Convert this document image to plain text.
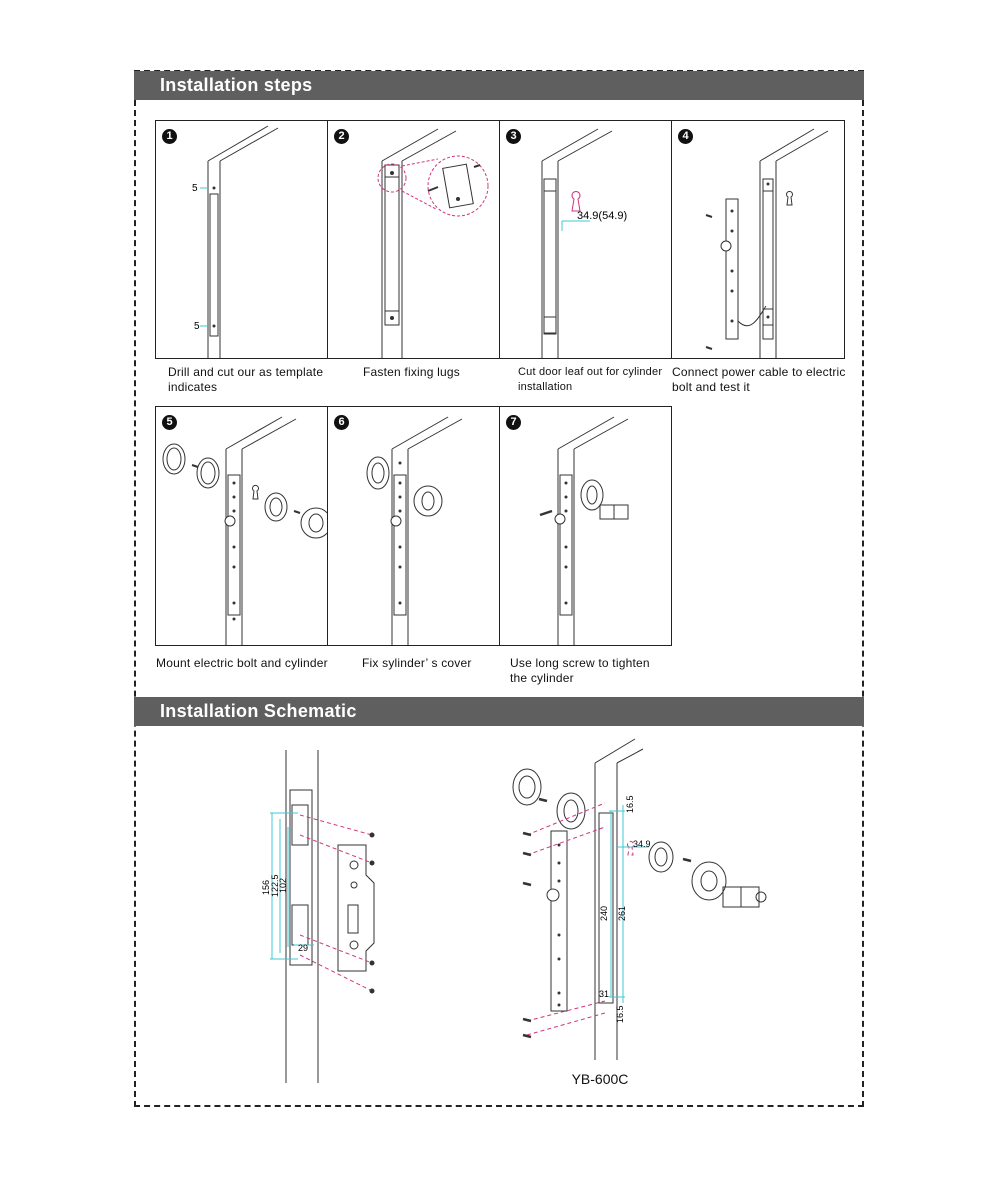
Installation steps
Installation Schematic
1
5
5
2	3
34.9(54.9)
4
5	6	7
Drill and cut our as template indicates
Fasten fixing lugs	Cut door leaf out for cylinder installation
Connect power cable to electric bolt and test it
Mount electric bolt and cylinder	Fix sylinder’ s cover	Use long screw to tighten the cylinder
156 122.5
102
29
16.5
34.9
240 261
31
16.5
YB-600C
